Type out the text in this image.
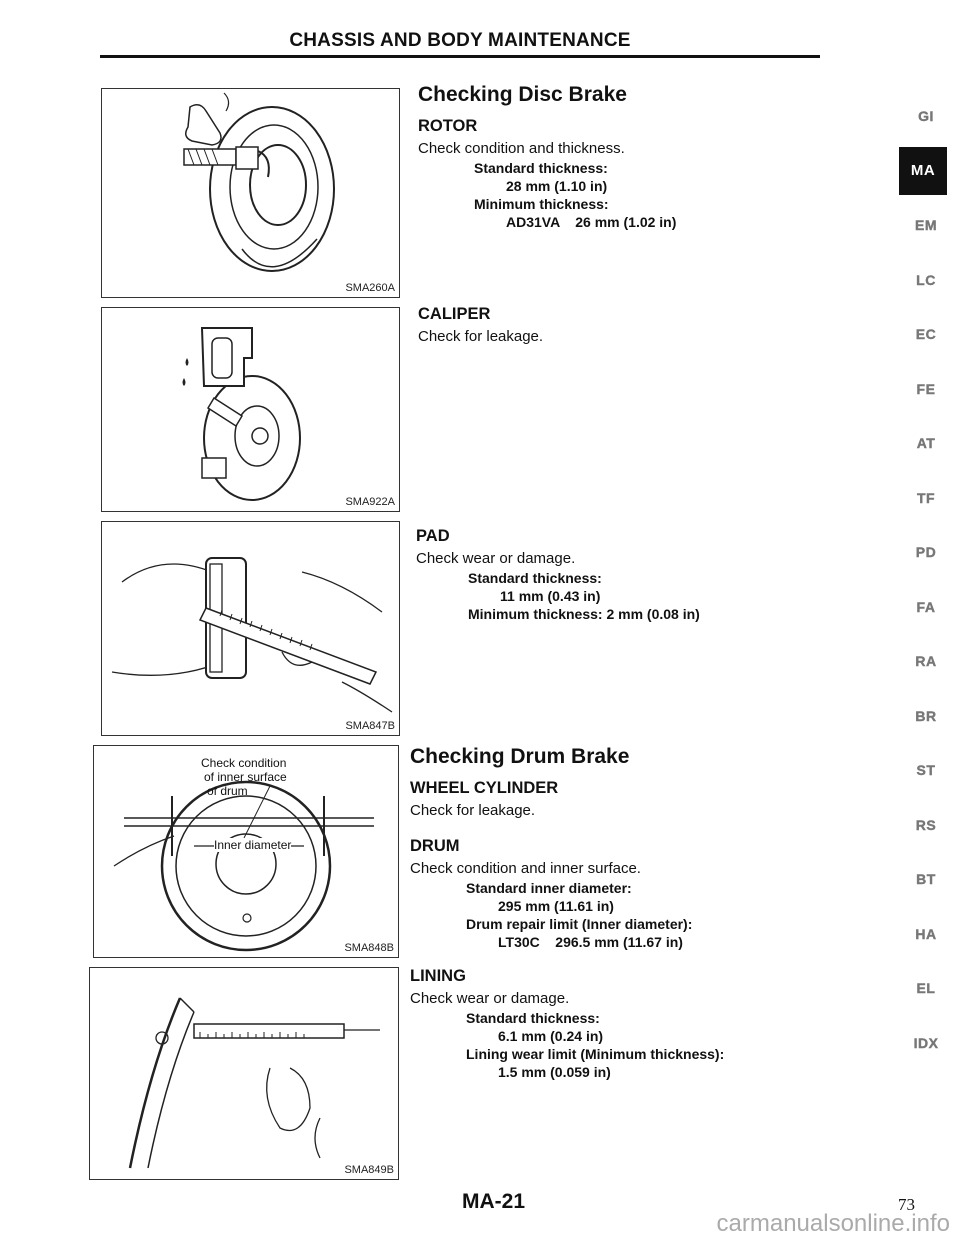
CHASSIS AND BODY MAINTENANCE
SMA260A
SMA922A
SMA847B
Check condition
of inner surface
of drum
Inner diameter
SMA848B
SMA849B
Checking Disc Brake
ROTOR
Check condition and thickness.
Standard thickness:
28 mm (1.10 in)
Minimum thickness:
AD31VA    26 mm (1.02 in)
CALIPER
Check for leakage.
PAD
Check wear or damage.
Standard thickness:
11 mm (0.43 in)
Minimum thickness: 2 mm (0.08 in)
Checking Drum Brake
WHEEL CYLINDER
Check for leakage.
DRUM
Check condition and inner surface.
Standard inner diameter:
295 mm (11.61 in)
Drum repair limit (Inner diameter):
LT30C    296.5 mm (11.67 in)
LINING
Check wear or damage.
Standard thickness:
6.1 mm (0.24 in)
Lining wear limit (Minimum thickness):
1.5 mm (0.059 in)
GI
MA
EM
LC
EC
FE
AT
TF
PD
FA
RA
BR
ST
RS
BT
HA
EL
IDX
MA-21	73
carmanualsonline.info
